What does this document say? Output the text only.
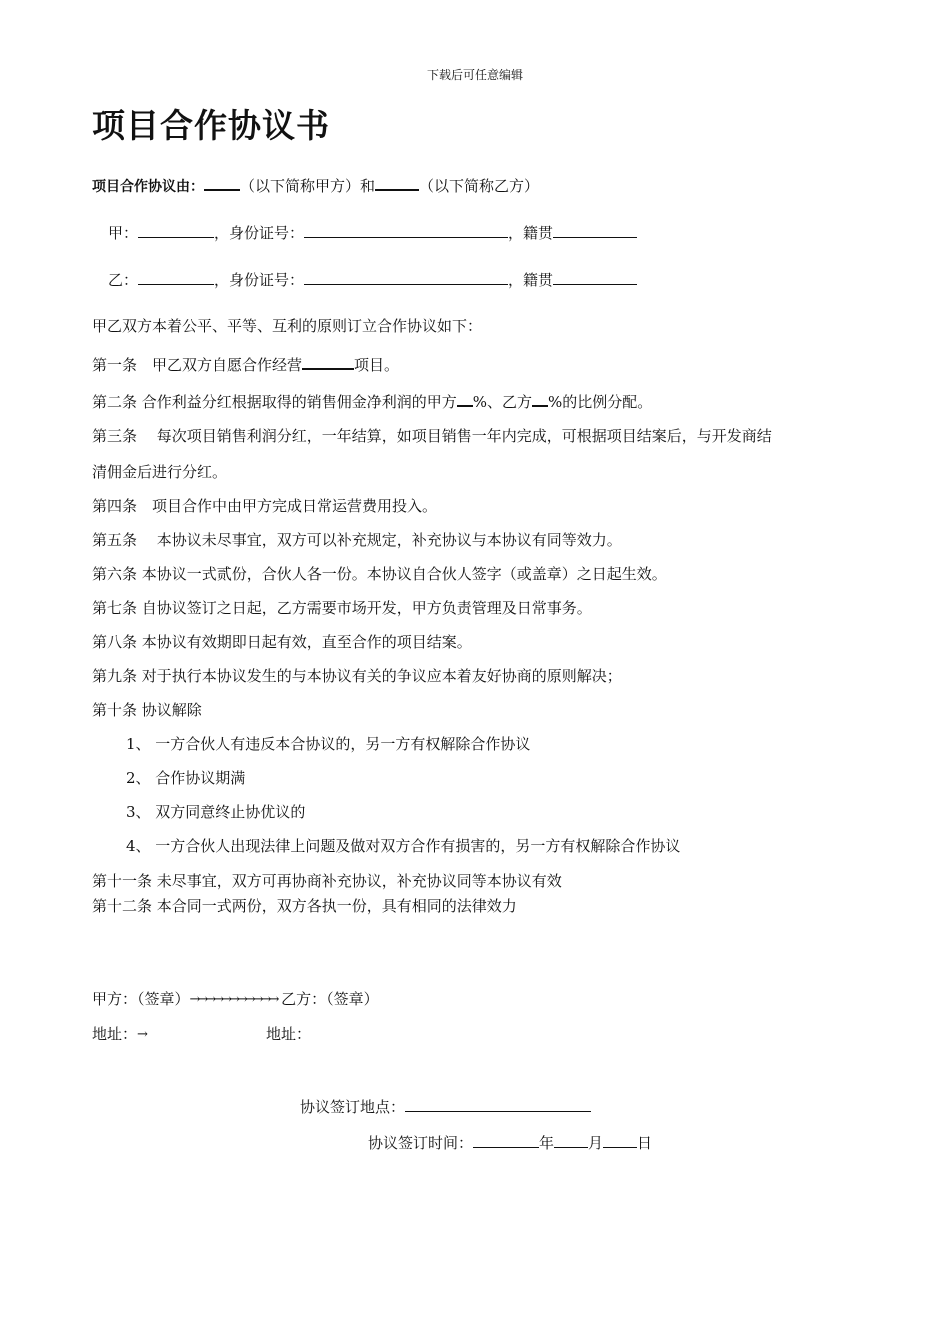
下载后可任意编辑
项目合作协议书
项目合作协议由： （以下简称甲方）和	（以下简称乙方）
甲：	，身份证号：	，籍贯
乙：	，身份证号：	，籍贯
甲乙双方本着公平、平等、互利的原则订立合作协议如下：
第一条　甲乙双方自愿合作经营	项目。
第二条 合作利益分红根据取得的销售佣金净利润的甲方 %、乙方 %的比例分配。
第三条　 每次项目销售利润分红，一年结算，如项目销售一年内完成，可根据项目结案后，与开发商结
清佣金后进行分红。
第四条　项目合作中由甲方完成日常运营费用投入。
第五条　 本协议未尽事宜，双方可以补充规定，补充协议与本协议有同等效力。
第六条 本协议一式贰份，合伙人各一份。本协议自合伙人签字（或盖章）之日起生效。
第七条 自协议签订之日起，乙方需要市场开发，甲方负责管理及日常事务。
第八条 本协议有效期即日起有效，直至合作的项目结案。
第九条 对于执行本协议发生的与本协议有关的争议应本着友好协商的原则解决；
第十条 协议解除
1、 一方合伙人有违反本合协议的，另一方有权解除合作协议
2、 合作协议期满
3、 双方同意终止协优议的
4、 一方合伙人出现法律上问题及做对双方合作有损害的，另一方有权解除合作协议
第十一条 未尽事宜，双方可再协商补充协议，补充协议同等本协议有效
第十二条 本合同一式两份，双方各执一份，具有相同的法律效力
甲方：（签章）→→→→→→→→→→→ 乙方：（签章）
地址：→	地址：
协议签订地点：
协议签订时间：	年 月 日
